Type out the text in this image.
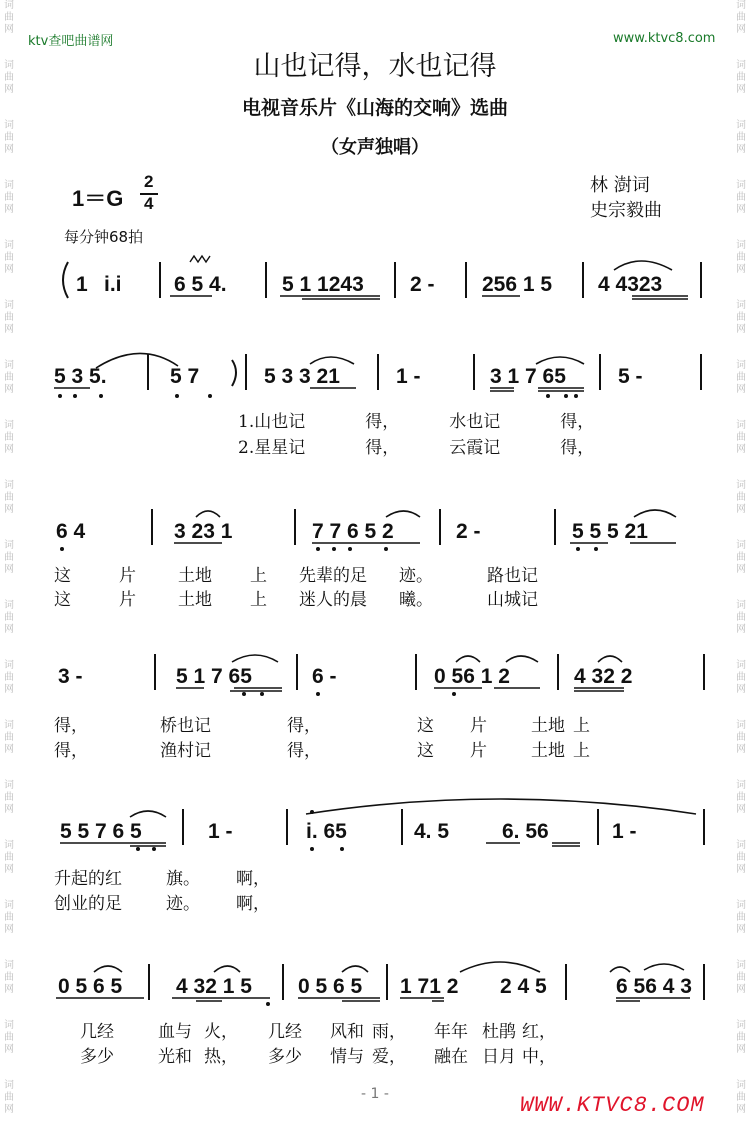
词
曲
网
词
曲
网
词
曲
网
词
曲
网
词
曲
网
词
曲
网
词
曲
网
词
曲
网
词
曲
网
词
曲
网
词
曲
网
词
曲
网
词
曲
网
词
曲
网
词
曲
网
词
曲
网
词
曲
网
词
曲
网
词
曲
网
词
曲
网
词
曲
网
词
曲
网
词
曲
网
词
曲
网
词
曲
网
词
曲
网
词
曲
网
词
曲
网
词
曲
网
词
曲
网
词
曲
网
词
曲
网
词
曲
网
词
曲
网
词
曲
网
词
曲
网
词
曲
网
词
曲
网
ktv查吧曲谱网	www.ktvc8.com
山也记得，水也记得
电视音乐片《山海的交响》选曲
（女声独唱）
1＝G
2
4
每分钟68拍
林 澍词
史宗毅曲
1 i.i 6 5 4.	5 1 1243 2 - 256 1 5 4 4323
5 3 5.	5 7	5 3 3 21	1 -	3 1 7 65 5 -
6 4	3 23 1	7 7 6 5 2	2 -	5 5 5 21
3 -	5 1 7 65	6 -	0 56 1 2	4 32 2
5 5 7 6 5	1 -	i. 65	4. 5	6. 56	1 -
0 5 6 5	4 32 1 5 0 5 6 5 1 71 2 2 4 5	6 56 4 3
1.山也记	得，	水也记	得，
2.星星记	得，	云霞记	得，
这	片 土地 上 先辈的足 迹。	路也记
这	片 土地 上 迷人的晨 曦。	山城记
得，	桥也记	得，	这 片	土地 上
得，	渔村记	得，	这 片	土地 上
升起的红	旗。 啊，
创业的足	迹。 啊，
几经	血与 火， 几经 风和 雨， 年年 杜鹃 红，
多少	光和 热， 多少 情与 爱， 融在 日月 中，
- 1 -	WWW.KTVC8.COM
